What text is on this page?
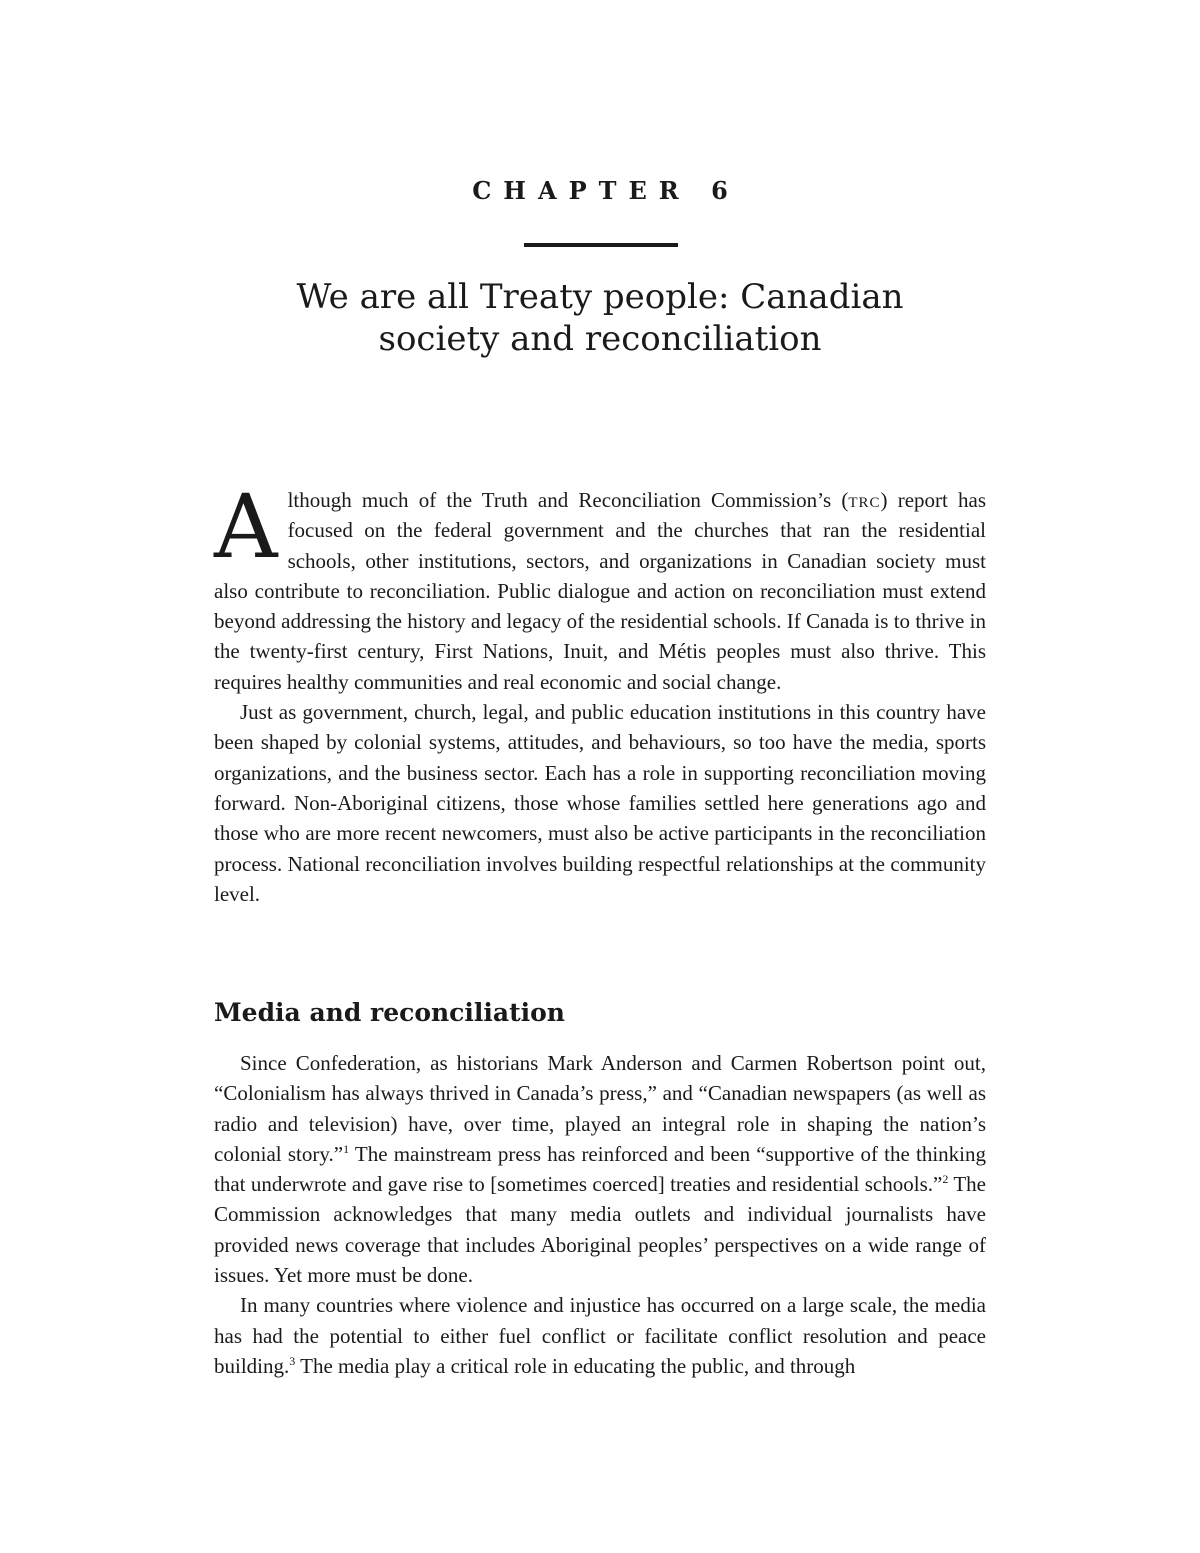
CHAPTER 6
We are all Treaty people: Canadian
society and reconciliation

Although much of the Truth and Reconciliation Commission’s (trc) report has focused on the federal government and the churches that ran the residential schools, other institutions, sectors, and organizations in Canadian society must also contribute to reconciliation. Public dialogue and action on reconciliation must extend beyond addressing the history and legacy of the residential schools. If Canada is to thrive in the twenty-first century, First Nations, Inuit, and Métis peoples must also thrive. This requires healthy communities and real economic and social change.

Just as government, church, legal, and public education institutions in this country have been shaped by colonial systems, attitudes, and behaviours, so too have the media, sports organizations, and the business sector. Each has a role in supporting reconciliation moving forward. Non-Aboriginal citizens, those whose families settled here generations ago and those who are more recent newcomers, must also be active participants in the reconciliation process. National reconciliation involves building respectful relationships at the community level.

Media and reconciliation

Since Confederation, as historians Mark Anderson and Carmen Robertson point out, “Colonialism has always thrived in Canada’s press,” and “Canadian newspapers (as well as radio and television) have, over time, played an integral role in shaping the nation’s colonial story.”$^1$ The mainstream press has reinforced and been “supportive of the thinking that underwrote and gave rise to [sometimes coerced] treaties and residential schools.”$^2$ The Commission acknowledges that many media outlets and individual journalists have provided news coverage that includes Aboriginal peoples’ perspectives on a wide range of issues. Yet more must be done.

In many countries where violence and injustice has occurred on a large scale, the media has had the potential to either fuel conflict or facilitate conflict resolution and peace building.$^3$ The media play a critical role in educating the public, and through
